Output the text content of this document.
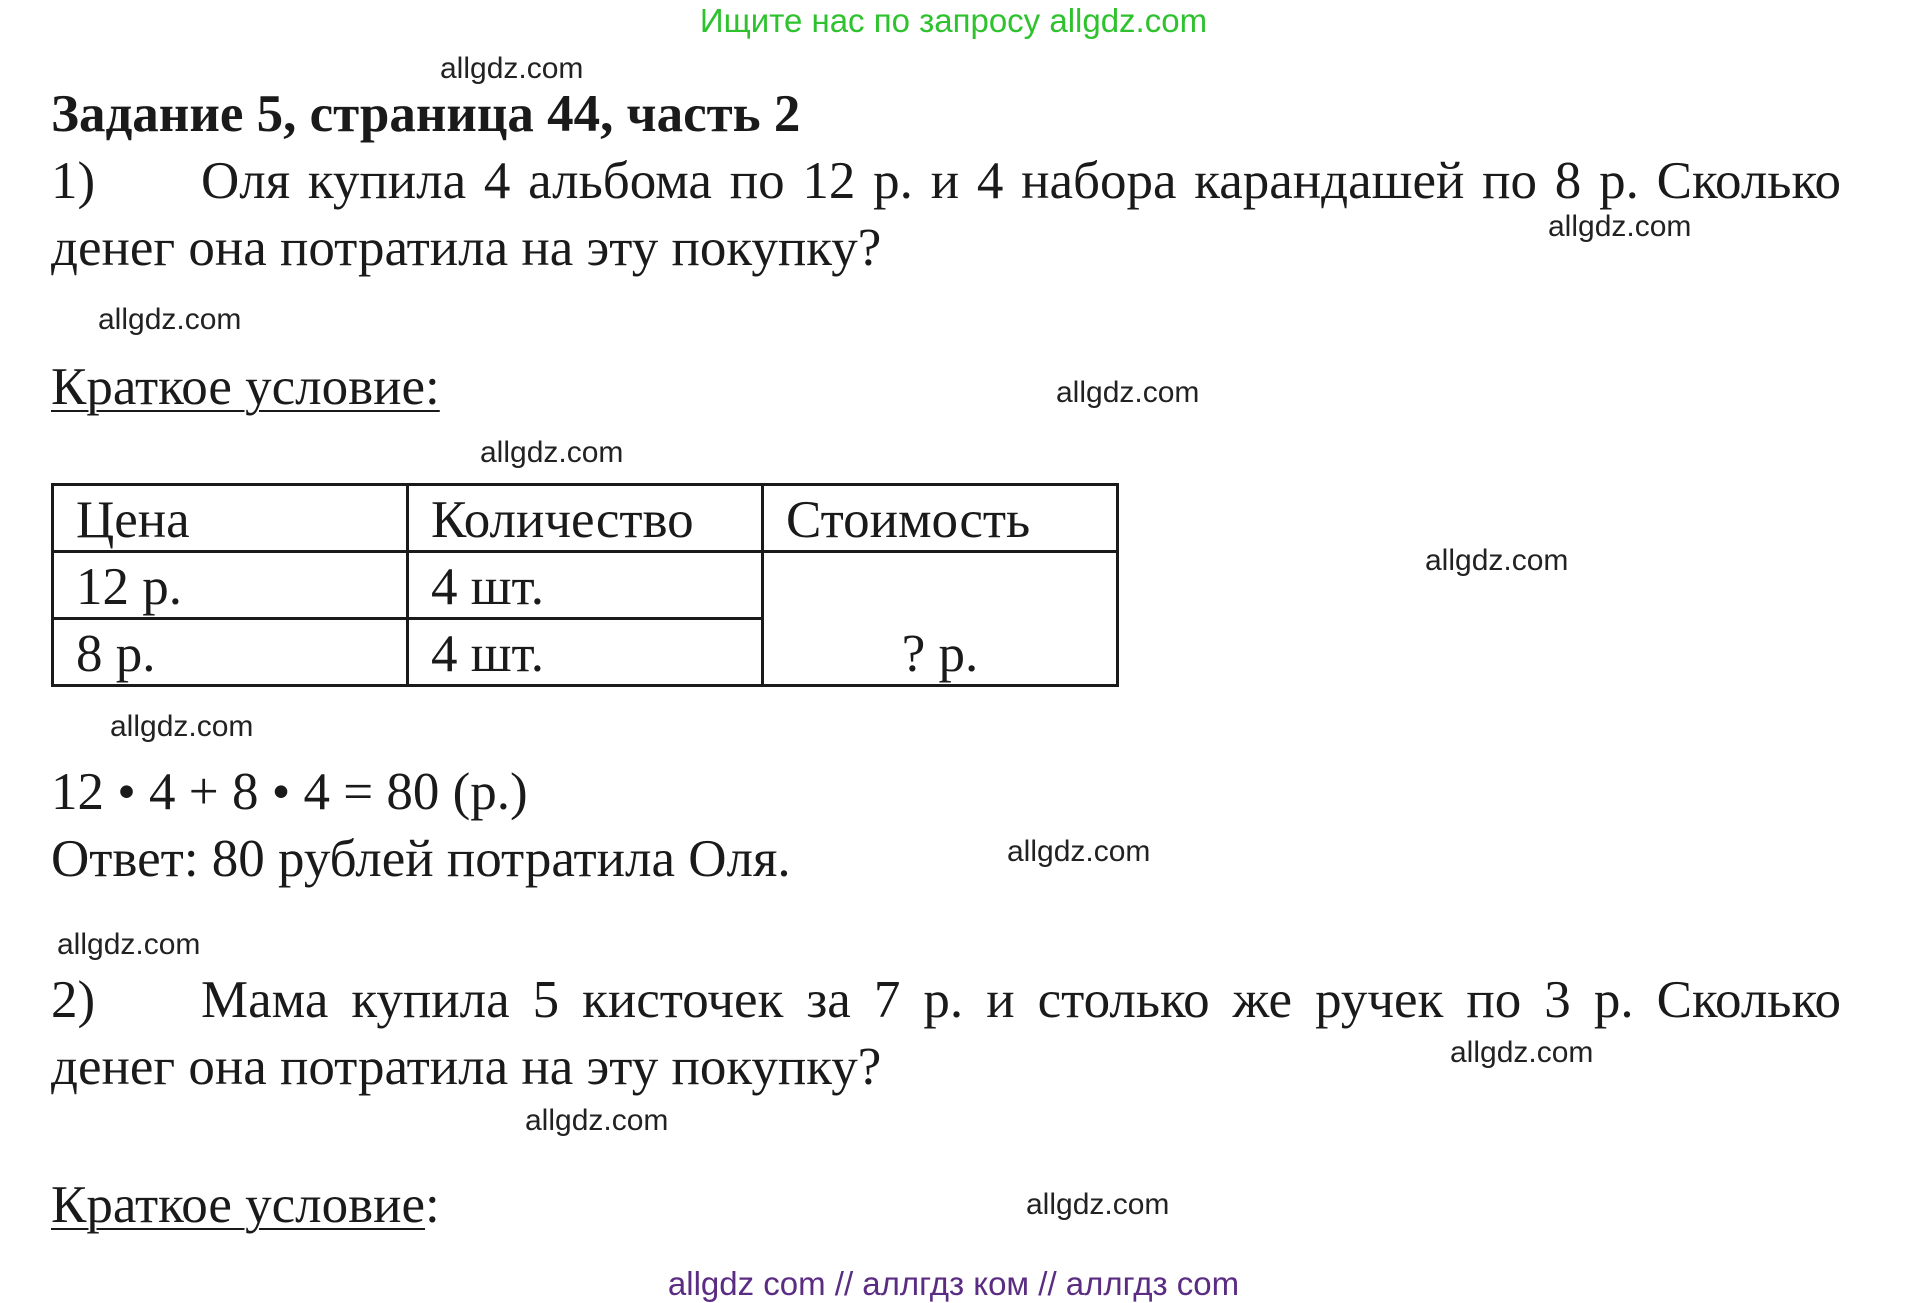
Ищите нас по запросу allgdz.com
allgdz.com
Задание 5, страница 44, часть 2
1) Оля купила 4 альбома по 12 р. и 4 набора карандашей по 8 р. Сколько денег она потратила на эту покупку?	allgdz.com
allgdz.com
Краткое условие:	allgdz.com
allgdz.com
Цена	Количество	Стоимость
12 р.	4 шт.	? р.
8 р.	4 шт.	
allgdz.com
allgdz.com
12 • 4 + 8 • 4 = 80 (р.)
Ответ: 80 рублей потратила Оля.	allgdz.com
allgdz.com
2) Мама купила 5 кисточек за 7 р. и столько же ручек по 3 р. Сколько денег она потратила на эту покупку?	allgdz.com
allgdz.com
Краткое условие:	allgdz.com
allgdz com // аллгдз ком // аллгдз com
